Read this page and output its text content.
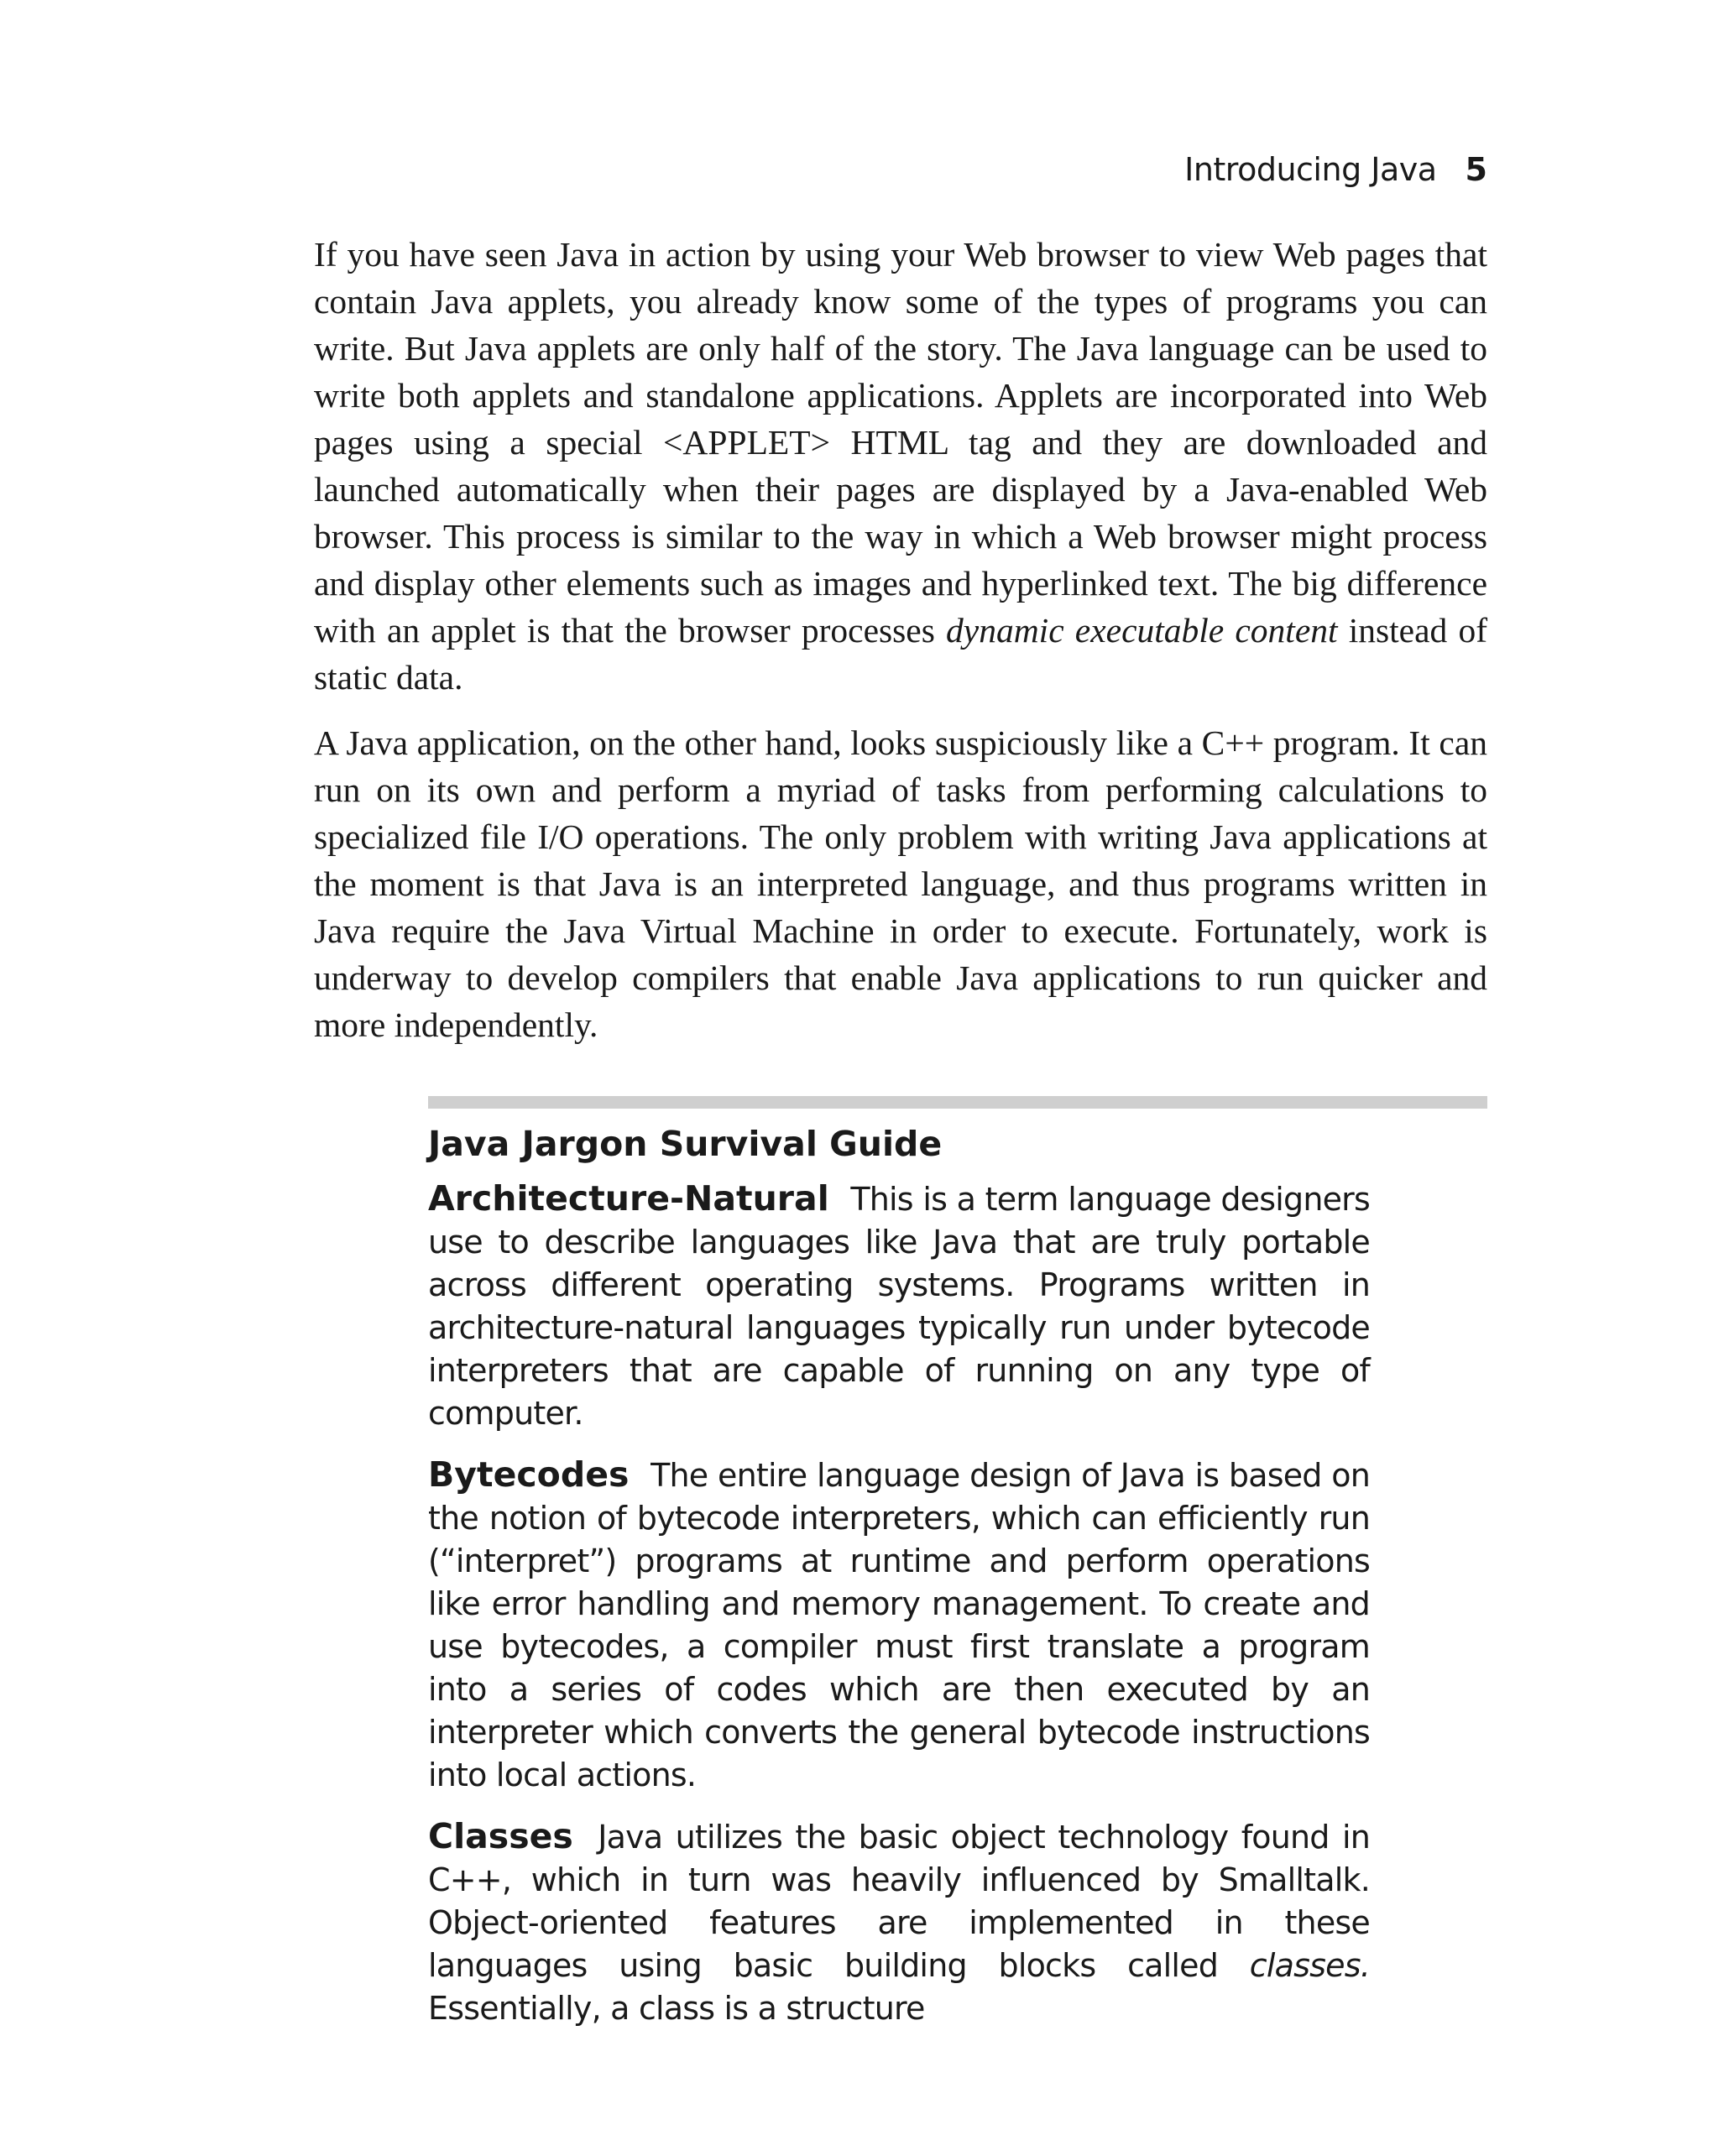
Introducing Java 5

If you have seen Java in action by using your Web browser to view Web pages that contain Java applets, you already know some of the types of programs you can write. But Java applets are only half of the story. The Java language can be used to write both applets and standalone applications. Applets are incorporated into Web pages using a special <APPLET> HTML tag and they are downloaded and launched automatically when their pages are displayed by a Java-enabled Web browser. This process is similar to the way in which a Web browser might process and display other elements such as images and hyperlinked text. The big difference with an applet is that the browser processes dynamic executable content instead of static data.

A Java application, on the other hand, looks suspiciously like a C++ program. It can run on its own and perform a myriad of tasks from performing calculations to specialized file I/O operations. The only problem with writing Java applications at the moment is that Java is an interpreted language, and thus programs written in Java require the Java Virtual Machine in order to execute. Fortunately, work is underway to develop compilers that enable Java applications to run quicker and more independently.

Java Jargon Survival Guide

Architecture-Natural This is a term language designers use to describe languages like Java that are truly portable across different operating systems. Programs written in architecture-natural languages typically run under bytecode interpreters that are capable of running on any type of computer.

Bytecodes The entire language design of Java is based on the notion of bytecode interpreters, which can efficiently run (“interpret”) programs at runtime and perform operations like error handling and memory management. To create and use bytecodes, a compiler must first translate a program into a series of codes which are then executed by an interpreter which converts the general bytecode instructions into local actions.

Classes Java utilizes the basic object technology found in C++, which in turn was heavily influenced by Smalltalk. Object-oriented features are implemented in these languages using basic building blocks called classes. Essentially, a class is a structure
